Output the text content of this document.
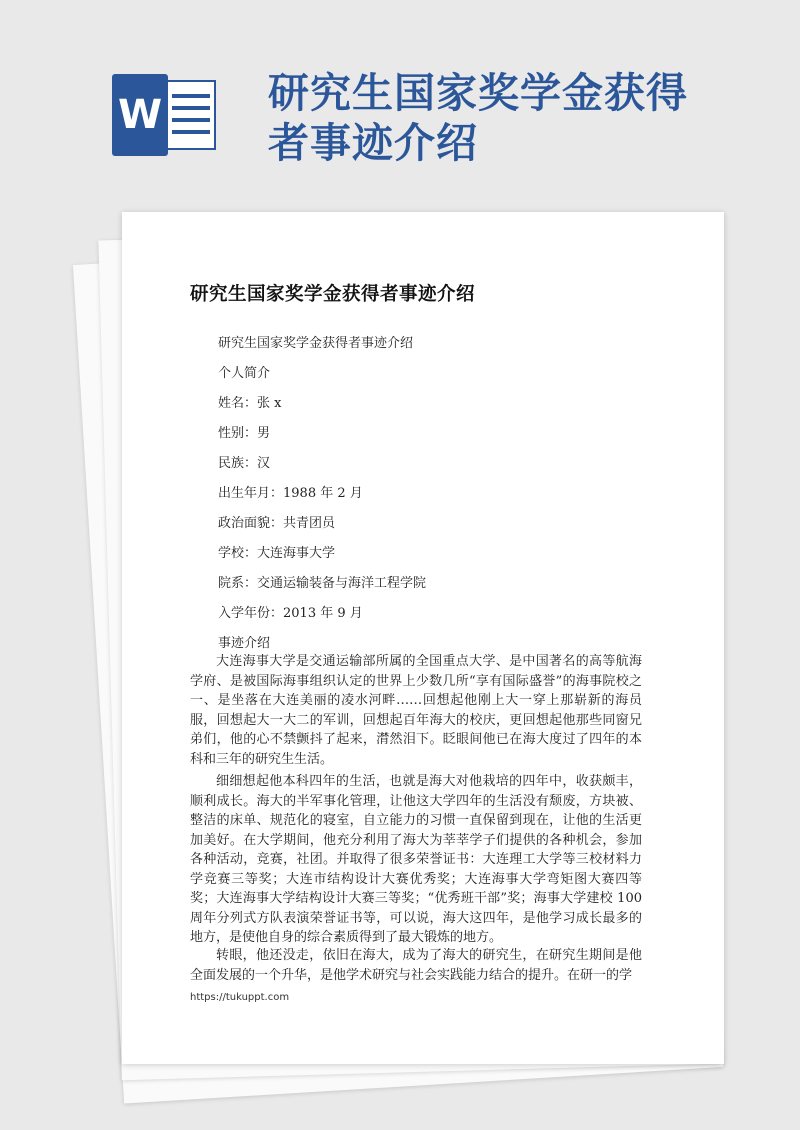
W	研究生国家奖学金获得者事迹介绍
研究生国家奖学金获得者事迹介绍

研究生国家奖学金获得者事迹介绍

个人简介

姓名：张 x

性别：男

民族：汉

出生年月：1988 年 2 月

政治面貌：共青团员

学校：大连海事大学

院系：交通运输装备与海洋工程学院

入学年份：2013 年 9 月

事迹介绍

大连海事大学是交通运输部所属的全国重点大学、是中国著名的高等航海学府、是被国际海事组织认定的世界上少数几所“享有国际盛誉”的海事院校之一、是坐落在大连美丽的凌水河畔……回想起他刚上大一穿上那崭新的海员服，回想起大一大二的军训，回想起百年海大的校庆，更回想起他那些同窗兄弟们，他的心不禁颤抖了起来，潸然泪下。眨眼间他已在海大度过了四年的本科和三年的研究生生活。

细细想起他本科四年的生活，也就是海大对他栽培的四年中，收获颇丰，顺利成长。海大的半军事化管理，让他这大学四年的生活没有颓废，方块被、整洁的床单、规范化的寝室，自立能力的习惯一直保留到现在，让他的生活更加美好。在大学期间，他充分利用了海大为莘莘学子们提供的各种机会，参加各种活动，竞赛，社团。并取得了很多荣誉证书：大连理工大学等三校材料力学竞赛三等奖；大连市结构设计大赛优秀奖；大连海事大学弯矩图大赛四等奖；大连海事大学结构设计大赛三等奖；“优秀班干部”奖；海事大学建校 100 周年分列式方队表演荣誉证书等，可以说，海大这四年，是他学习成长最多的地方，是使他自身的综合素质得到了最大锻炼的地方。

转眼，他还没走，依旧在海大，成为了海大的研究生，在研究生期间是他全面发展的一个升华，是他学术研究与社会实践能力结合的提升。在研一的学

https://tukuppt.com
